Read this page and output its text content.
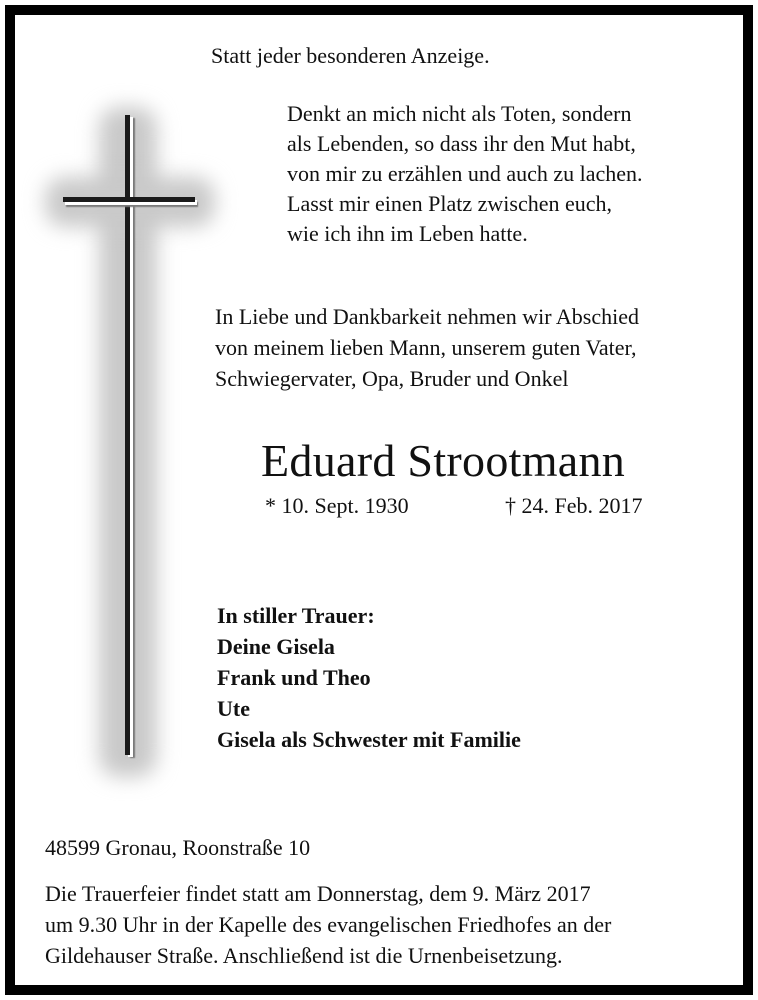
Statt jeder besonderen Anzeige.
Denkt an mich nicht als Toten, sondern
als Lebenden, so dass ihr den Mut habt,
von mir zu erzählen und auch zu lachen.
Lasst mir einen Platz zwischen euch,
wie ich ihn im Leben hatte.
In Liebe und Dankbarkeit nehmen wir Abschied
von meinem lieben Mann, unserem guten Vater,
Schwiegervater, Opa, Bruder und Onkel
Eduard Strootmann
* 10. Sept. 1930	† 24. Feb. 2017
In stiller Trauer:
Deine Gisela
Frank und Theo
Ute
Gisela als Schwester mit Familie
48599 Gronau, Roonstraße 10
Die Trauerfeier findet statt am Donnerstag, dem 9. März 2017
um 9.30 Uhr in der Kapelle des evangelischen Friedhofes an der
Gildehauser Straße. Anschließend ist die Urnenbeisetzung.
